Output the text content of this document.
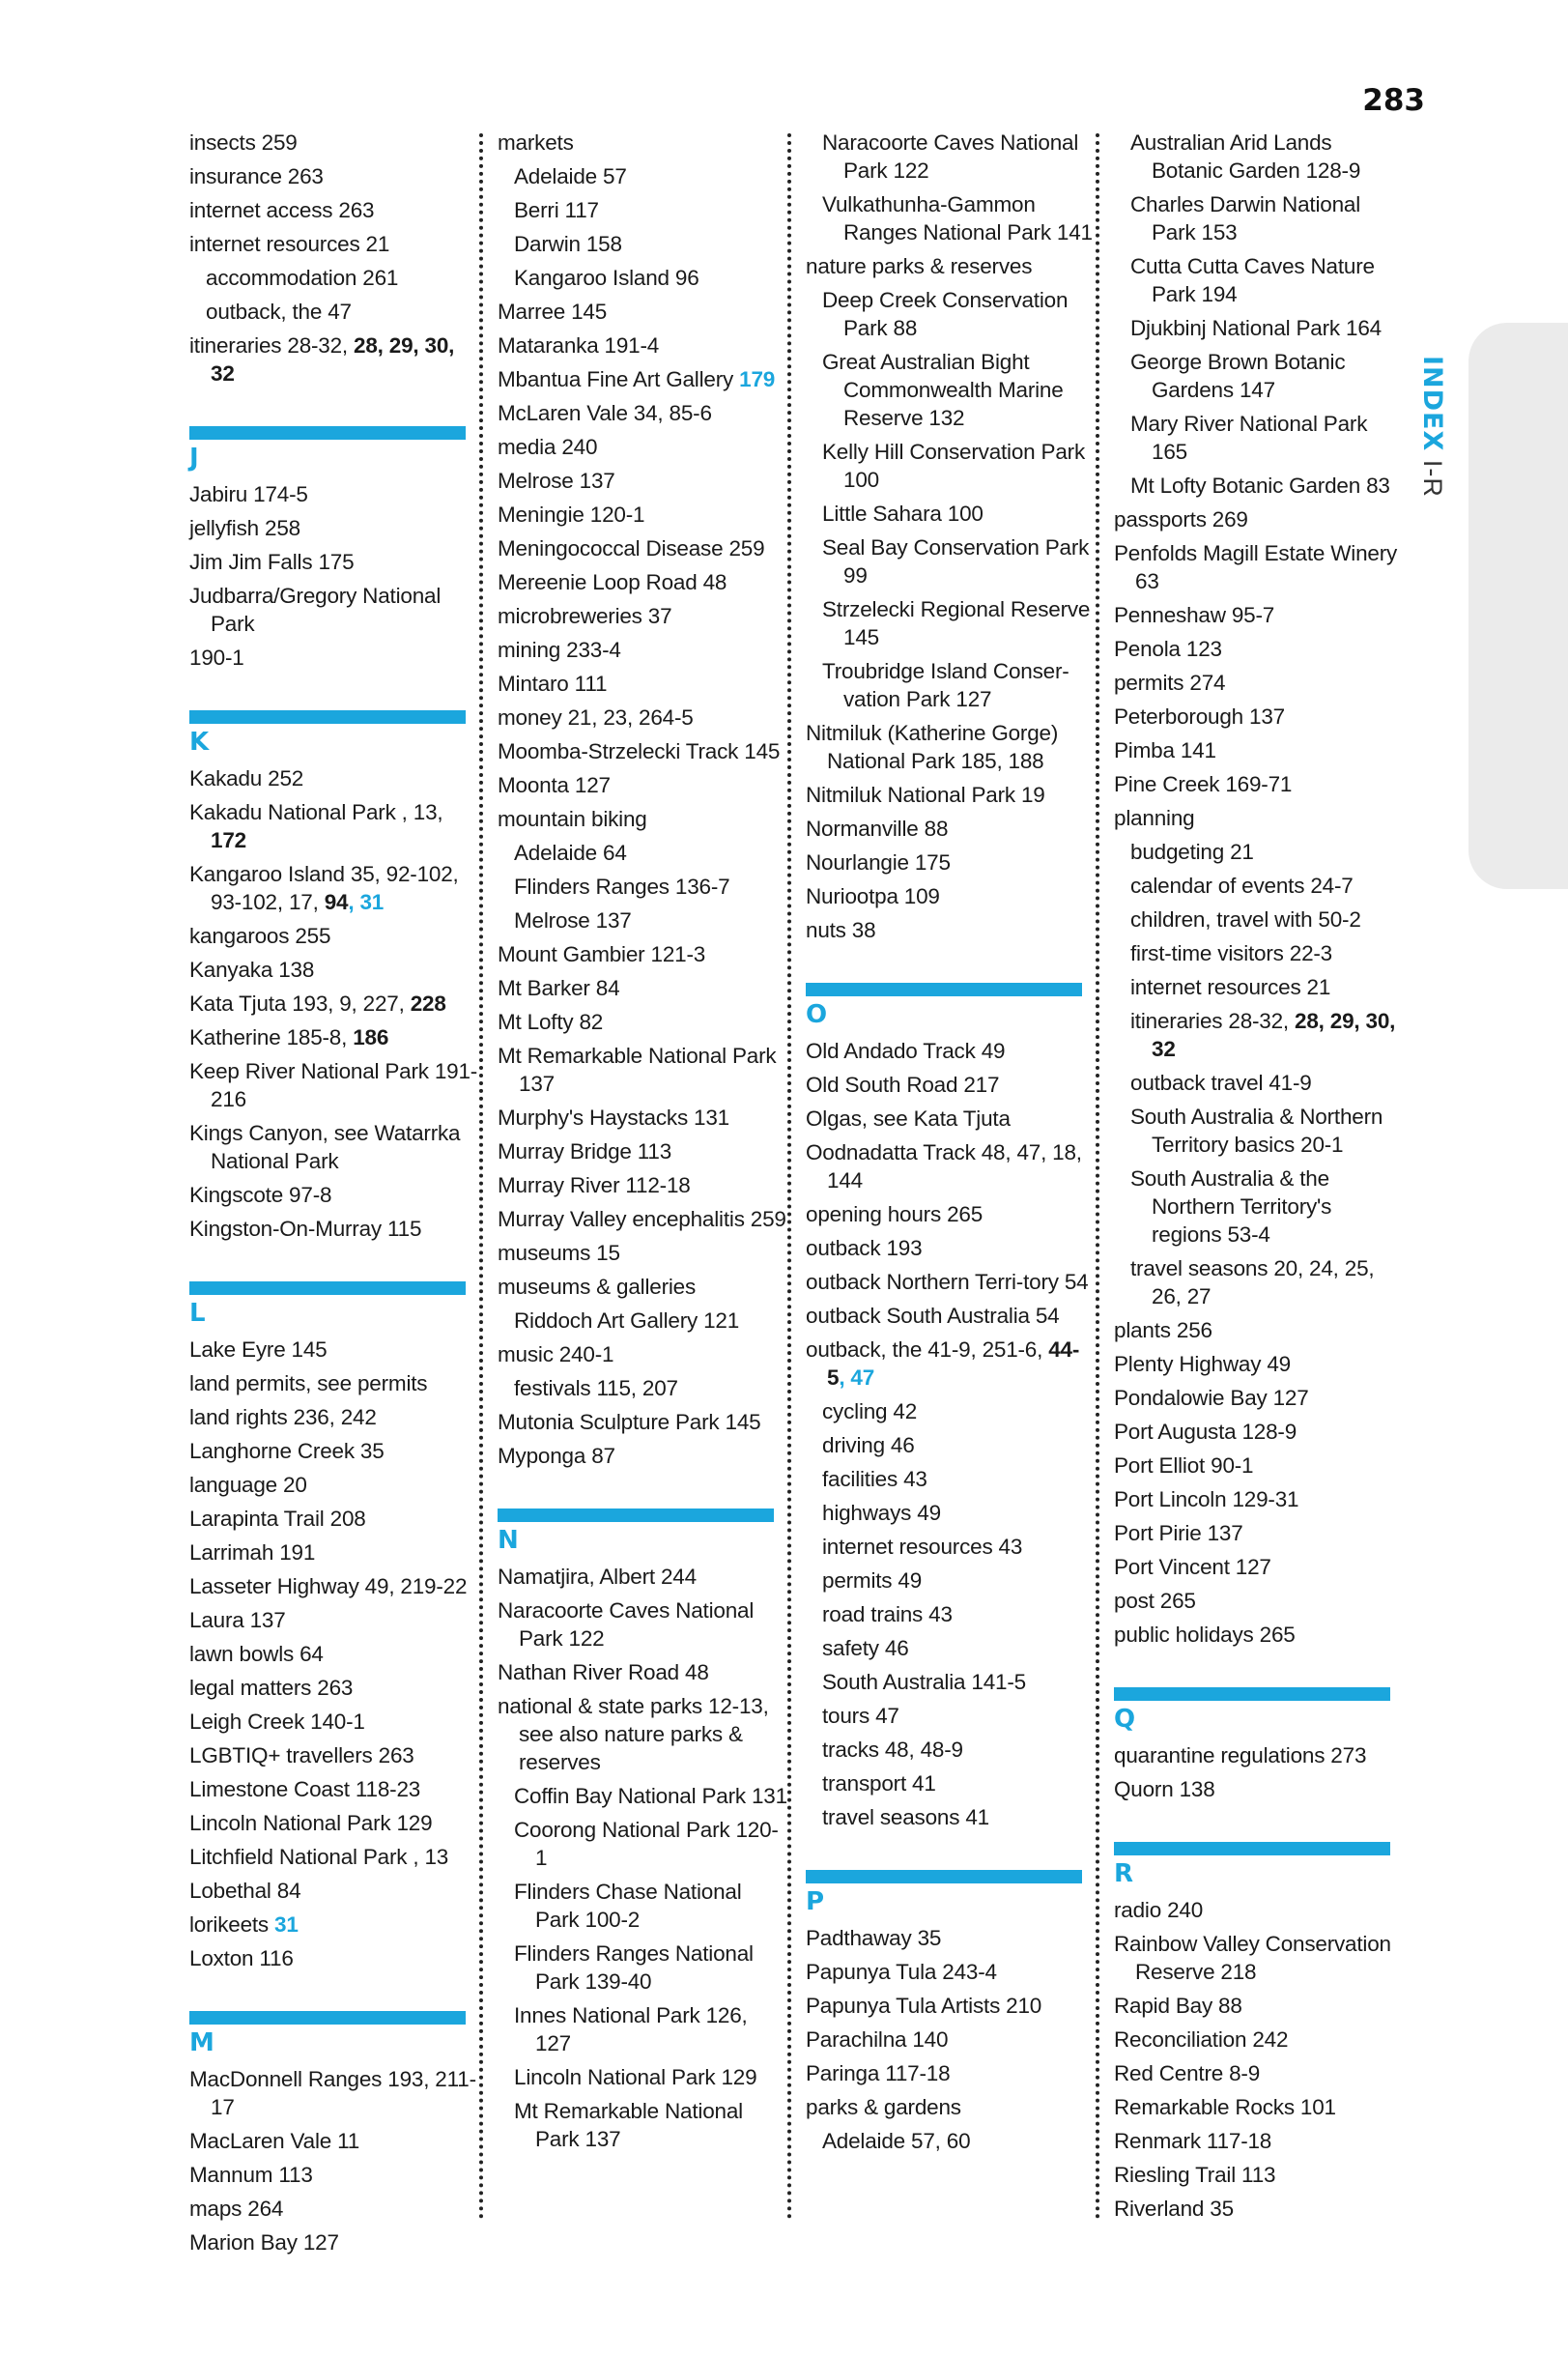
283
INDEX I-R
insects 259
insurance 263
internet access 263
internet resources 21
accommodation 261
outback, the 47
itineraries 28-32, 28, 29, 30, 32
J
Jabiru 174-5
jellyfish 258
Jim Jim Falls 175
Judbarra/Gregory National Park
190-1
K
Kakadu 252
Kakadu National Park , 13, 172
Kangaroo Island 35, 92-102, 93-102, 17, 94, 31
kangaroos 255
Kanyaka 138
Kata Tjuta 193, 9, 227, 228
Katherine 185-8, 186
Keep River National Park 191-216
Kings Canyon, see Watarrka National Park
Kingscote 97-8
Kingston-On-Murray 115
L
Lake Eyre 145
land permits, see permits
land rights 236, 242
Langhorne Creek 35
language 20
Larapinta Trail 208
Larrimah 191
Lasseter Highway 49, 219-22
Laura 137
lawn bowls 64
legal matters 263
Leigh Creek 140-1
LGBTIQ+ travellers 263
Limestone Coast 118-23
Lincoln National Park 129
Litchfield National Park , 13
Lobethal 84
lorikeets 31
Loxton 116
M
MacDonnell Ranges 193, 211-17
MacLaren Vale 11
Mannum 113
maps 264
Marion Bay 127
markets
Adelaide 57
Berri 117
Darwin 158
Kangaroo Island 96
Marree 145
Mataranka 191-4
Mbantua Fine Art Gallery 179
McLaren Vale 34, 85-6
media 240
Melrose 137
Meningie 120-1
Meningococcal Disease 259
Mereenie Loop Road 48
microbreweries 37
mining 233-4
Mintaro 111
money 21, 23, 264-5
Moomba-Strzelecki Track 145
Moonta 127
mountain biking
Adelaide 64
Flinders Ranges 136-7
Melrose 137
Mount Gambier 121-3
Mt Barker 84
Mt Lofty 82
Mt Remarkable National Park 137
Murphy's Haystacks 131
Murray Bridge 113
Murray River 112-18
Murray Valley encephalitis 259
museums 15
museums & galleries
Riddoch Art Gallery 121
music 240-1
festivals 115, 207
Mutonia Sculpture Park 145
Myponga 87
N
Namatjira, Albert 244
Naracoorte Caves National Park 122
Nathan River Road 48
national & state parks 12-13, see also nature parks & reserves
Coffin Bay National Park 131
Coorong National Park 120-1
Flinders Chase National Park 100-2
Flinders Ranges National Park 139-40
Innes National Park 126, 127
Lincoln National Park 129
Mt Remarkable National Park 137
Naracoorte Caves National Park 122
Vulkathunha-Gammon Ranges National Park 141
nature parks & reserves
Deep Creek Conservation Park 88
Great Australian Bight Commonwealth Marine Reserve 132
Kelly Hill Conservation Park 100
Little Sahara 100
Seal Bay Conservation Park 99
Strzelecki Regional Reserve 145
Troubridge Island Conser-vation Park 127
Nitmiluk (Katherine Gorge) National Park 185, 188
Nitmiluk National Park 19
Normanville 88
Nourlangie 175
Nuriootpa 109
nuts 38
O
Old Andado Track 49
Old South Road 217
Olgas, see Kata Tjuta
Oodnadatta Track 48, 47, 18, 144
opening hours 265
outback 193
outback Northern Terri-tory 54
outback South Australia 54
outback, the 41-9, 251-6, 44-5, 47
cycling 42
driving 46
facilities 43
highways 49
internet resources 43
permits 49
road trains 43
safety 46
South Australia 141-5
tours 47
tracks 48, 48-9
transport 41
travel seasons 41
P
Padthaway 35
Papunya Tula 243-4
Papunya Tula Artists 210
Parachilna 140
Paringa 117-18
parks & gardens
Adelaide 57, 60
Australian Arid Lands Botanic Garden 128-9
Charles Darwin National Park 153
Cutta Cutta Caves Nature Park 194
Djukbinj National Park 164
George Brown Botanic Gardens 147
Mary River National Park 165
Mt Lofty Botanic Garden 83
passports 269
Penfolds Magill Estate Winery 63
Penneshaw 95-7
Penola 123
permits 274
Peterborough 137
Pimba 141
Pine Creek 169-71
planning
budgeting 21
calendar of events 24-7
children, travel with 50-2
first-time visitors 22-3
internet resources 21
itineraries 28-32, 28, 29, 30, 32
outback travel 41-9
South Australia & Northern Territory basics 20-1
South Australia & the Northern Territory's regions 53-4
travel seasons 20, 24, 25, 26, 27
plants 256
Plenty Highway 49
Pondalowie Bay 127
Port Augusta 128-9
Port Elliot 90-1
Port Lincoln 129-31
Port Pirie 137
Port Vincent 127
post 265
public holidays 265
Q
quarantine regulations 273
Quorn 138
R
radio 240
Rainbow Valley Conservation Reserve 218
Rapid Bay 88
Reconciliation 242
Red Centre 8-9
Remarkable Rocks 101
Renmark 117-18
Riesling Trail 113
Riverland 35
